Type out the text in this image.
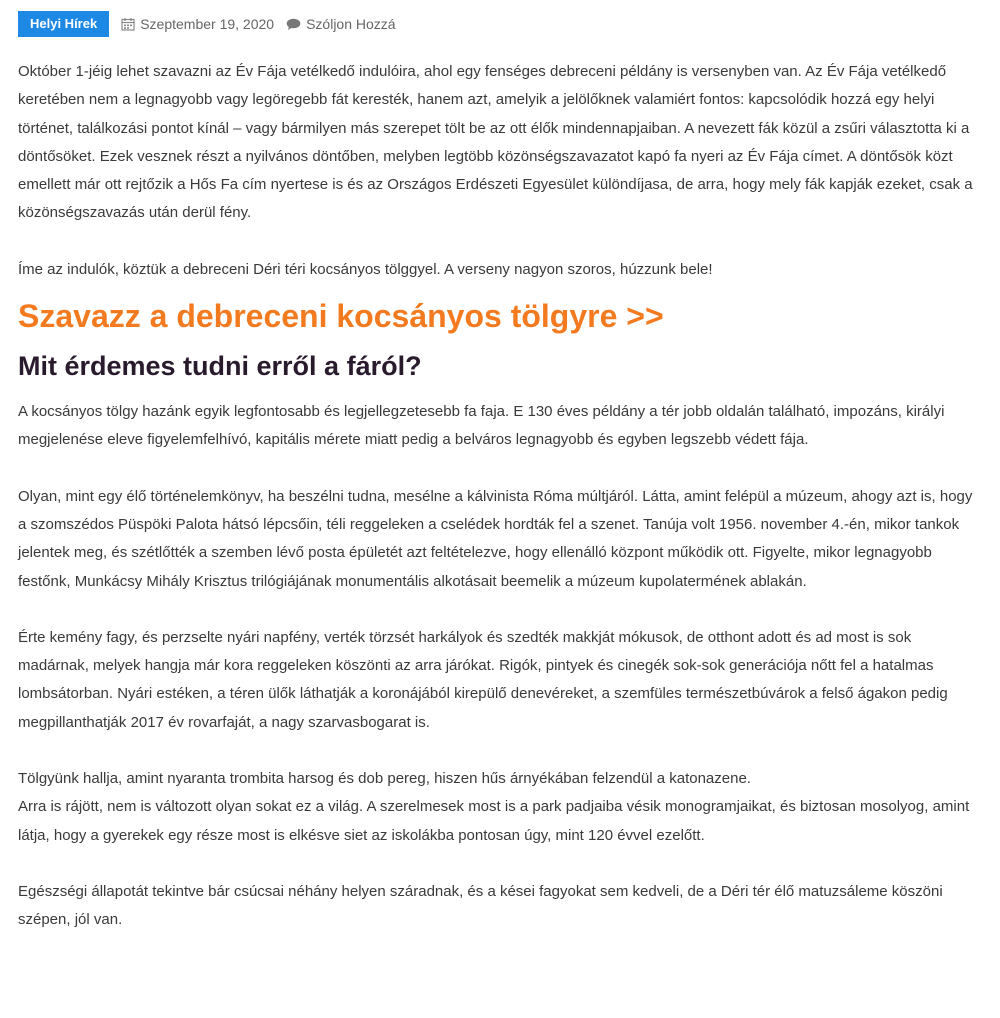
Helyi Hírek	Szeptember 19, 2020 Szóljon Hozzá

Október 1-jéig lehet szavazni az Év Fája vetélkedő indulóira, ahol egy fenséges debreceni példány is versenyben van. Az Év Fája vetélkedő keretében nem a legnagyobb vagy legöregebb fát keresték, hanem azt, amelyik a jelölőknek valamiért fontos: kapcsolódik hozzá egy helyi történet, találkozási pontot kínál – vagy bármilyen más szerepet tölt be az ott élők mindennapjaiban. A nevezett fák közül a zsűri választotta ki a döntősöket. Ezek vesznek részt a nyilvános döntőben, melyben legtöbb közönségszavazatot kapó fa nyeri az Év Fája címet. A döntősök közt emellett már ott rejtőzik a Hős Fa cím nyertese is és az Országos Erdészeti Egyesület különdíjasa, de arra, hogy mely fák kapják ezeket, csak a közönségszavazás után derül fény.

Íme az indulók, köztük a debreceni Déri téri kocsányos tölggyel. A verseny nagyon szoros, húzzunk bele!

Szavazz a debreceni kocsányos tölgyre >>
Mit érdemes tudni erről a fáról?

A kocsányos tölgy hazánk egyik legfontosabb és legjellegzetesebb fa faja. E 130 éves példány a tér jobb oldalán található, impozáns, királyi megjelenése eleve figyelemfelhívó, kapitális mérete miatt pedig a belváros legnagyobb és egyben legszebb védett fája.

Olyan, mint egy élő történelemkönyv, ha beszélni tudna, mesélne a kálvinista Róma múltjáról. Látta, amint felépül a múzeum, ahogy azt is, hogy a szomszédos Püspöki Palota hátsó lépcsőin, téli reggeleken a cselédek hordták fel a szenet. Tanúja volt 1956. november 4.-én, mikor tankok jelentek meg, és szétlőtték a szemben lévő posta épületét azt feltételezve, hogy ellenálló központ működik ott. Figyelte, mikor legnagyobb festőnk, Munkácsy Mihály Krisztus trilógiájának monumentális alkotásait beemelik a múzeum kupolatermének ablakán.

Érte kemény fagy, és perzselte nyári napfény, verték törzsét harkályok és szedték makkját mókusok, de otthont adott és ad most is sok madárnak, melyek hangja már kora reggeleken köszönti az arra járókat. Rigók, pintyek és cinegék sok-sok generációja nőtt fel a hatalmas lombsátorban. Nyári estéken, a téren ülők láthatják a koronájából kirepülő denevéreket, a szemfüles természetbúvárok a felső ágakon pedig megpillanthatják 2017 év rovarfaját, a nagy szarvasbogarat is.

Tölgyünk hallja, amint nyaranta trombita harsog és dob pereg, hiszen hűs árnyékában felzendül a katonazene.
Arra is rájött, nem is változott olyan sokat ez a világ. A szerelmesek most is a park padjaiba vésik monogramjaikat, és biztosan mosolyog, amint látja, hogy a gyerekek egy része most is elkésve siet az iskolákba pontosan úgy, mint 120 évvel ezelőtt.

Egészségi állapotát tekintve bár csúcsai néhány helyen száradnak, és a kései fagyokat sem kedveli, de a Déri tér élő matuzsáleme köszöni szépen, jól van.
